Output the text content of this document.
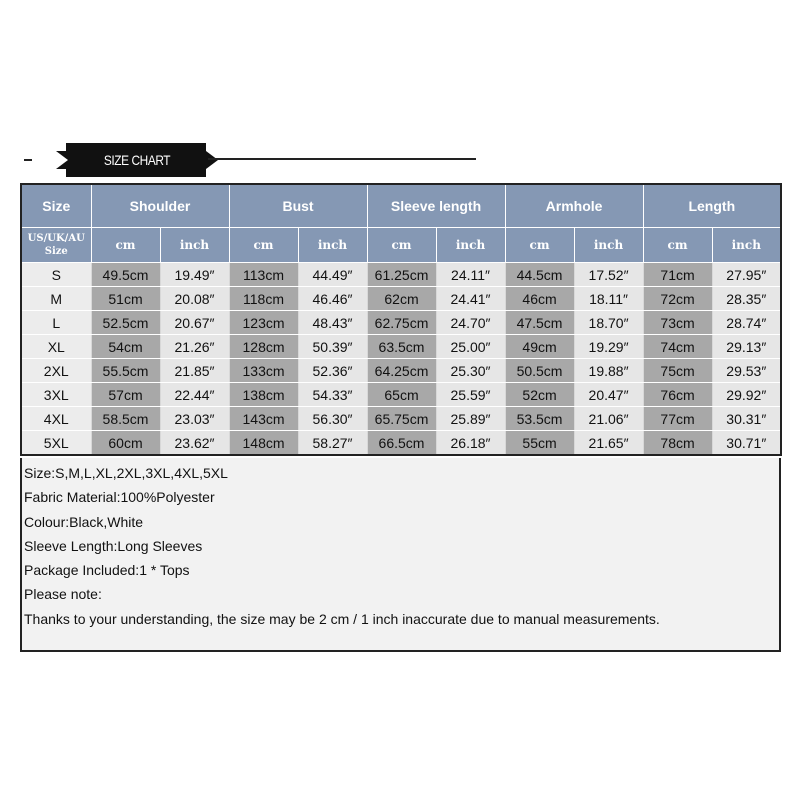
SIZE CHART
Size	Shoulder		Bust		Sleeve length		Armhole		Length	

US/UK/AU
Size	cm	inch	cm	inch	cm	inch	cm	inch	cm	inch
S	49.5cm	19.49″	113cm	44.49″	61.25cm	24.11″	44.5cm	17.52″	71cm	27.95″
M	51cm	20.08″	118cm	46.46″	62cm	24.41″	46cm	18.11″	72cm	28.35″
L	52.5cm	20.67″	123cm	48.43″	62.75cm	24.70″	47.5cm	18.70″	73cm	28.74″
XL	54cm	21.26″	128cm	50.39″	63.5cm	25.00″	49cm	19.29″	74cm	29.13″
2XL	55.5cm	21.85″	133cm	52.36″	64.25cm	25.30″	50.5cm	19.88″	75cm	29.53″
3XL	57cm	22.44″	138cm	54.33″	65cm	25.59″	52cm	20.47″	76cm	29.92″
4XL	58.5cm	23.03″	143cm	56.30″	65.75cm	25.89″	53.5cm	21.06″	77cm	30.31″
5XL	60cm	23.62″	148cm	58.27″	66.5cm	26.18″	55cm	21.65″	78cm	30.71″
Size:S,M,L,XL,2XL,3XL,4XL,5XL
Fabric Material:100%Polyester
Colour:Black,White
Sleeve Length:Long Sleeves
Package Included:1 * Tops
Please note:
Thanks to your understanding, the size may be 2 cm / 1 inch inaccurate due to manual measurements.
